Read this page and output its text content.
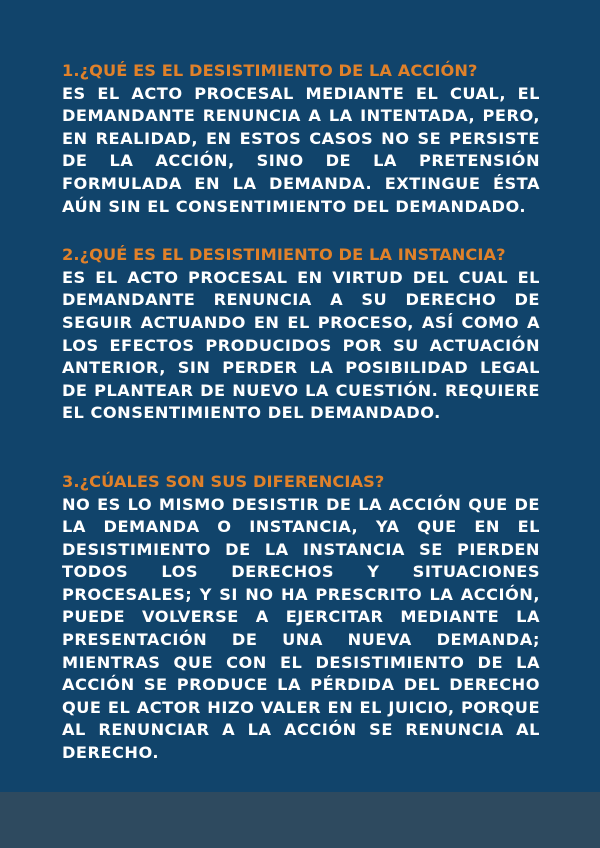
1.¿QUÉ ES EL DESISTIMIENTO DE LA ACCIÓN?

ES EL ACTO PROCESAL MEDIANTE EL CUAL, EL DEMANDANTE RENUNCIA A LA INTENTADA, PERO, EN REALIDAD, EN ESTOS CASOS NO SE PERSISTE DE LA ACCIÓN, SINO DE LA PRETENSIÓN FORMULADA EN LA DEMANDA. EXTINGUE ÉSTA AÚN SIN EL CONSENTIMIENTO DEL DEMANDADO.

2.¿QUÉ ES EL DESISTIMIENTO DE LA INSTANCIA?

ES EL ACTO PROCESAL EN VIRTUD DEL CUAL EL DEMANDANTE RENUNCIA A SU DERECHO DE SEGUIR ACTUANDO EN EL PROCESO, ASÍ COMO A LOS EFECTOS PRODUCIDOS POR SU ACTUACIÓN ANTERIOR, SIN PERDER LA POSIBILIDAD LEGAL DE PLANTEAR DE NUEVO LA CUESTIÓN. REQUIERE EL CONSENTIMIENTO DEL DEMANDADO.

3.¿CÚALES SON SUS DIFERENCIAS?

NO ES LO MISMO DESISTIR DE LA ACCIÓN QUE DE LA DEMANDA O INSTANCIA, YA QUE EN EL DESISTIMIENTO DE LA INSTANCIA SE PIERDEN TODOS LOS DERECHOS Y SITUACIONES PROCESALES; Y SI NO HA PRESCRITO LA ACCIÓN, PUEDE VOLVERSE A EJERCITAR MEDIANTE LA PRESENTACIÓN DE UNA NUEVA DEMANDA; MIENTRAS QUE CON EL DESISTIMIENTO DE LA ACCIÓN SE PRODUCE LA PÉRDIDA DEL DERECHO QUE EL ACTOR HIZO VALER EN EL JUICIO, PORQUE AL RENUNCIAR A LA ACCIÓN SE RENUNCIA AL DERECHO.
